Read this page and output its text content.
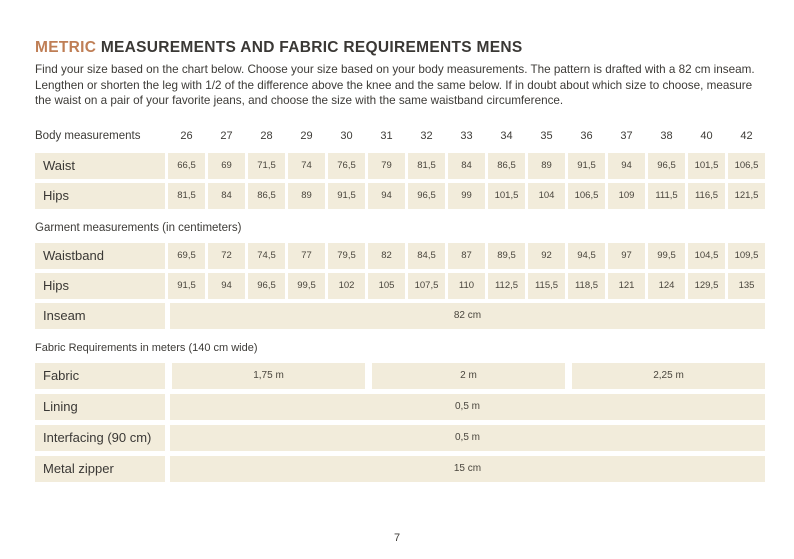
METRIC MEASUREMENTS AND FABRIC REQUIREMENTS MENS

Find your size based on the chart below. Choose your size based on your body measurements. The pattern is drafted with a 82 cm inseam. Lengthen or shorten the leg with 1/2 of the difference above the knee and the same below. If in doubt about which size to choose, measure the waist on a pair of your favorite jeans, and choose the size with the same waistband circumference.

Body measurements	26	27	28	29	30	31	32	33	34	35	36	37	38	40	42
Waist	66,5	69	71,5	74	76,5	79	81,5	84	86,5	89	91,5	94	96,5	101,5	106,5
Hips	81,5	84	86,5	89	91,5	94	96,5	99	101,5	104	106,5	109	111,5	116,5	121,5
Garment measurements (in centimeters)
Waistband	69,5	72	74,5	77	79,5	82	84,5	87	89,5	92	94,5	97	99,5	104,5	109,5
Hips	91,5	94	96,5	99,5	102	105	107,5	110	112,5	115,5	118,5	121	124	129,5	135
Inseam	82 cm
Fabric Requirements in meters (140 cm wide)
Fabric	1,75 m	2 m	2,25 m
Lining	0,5 m
Interfacing (90 cm)	0,5 m
Metal zipper	15 cm
7
